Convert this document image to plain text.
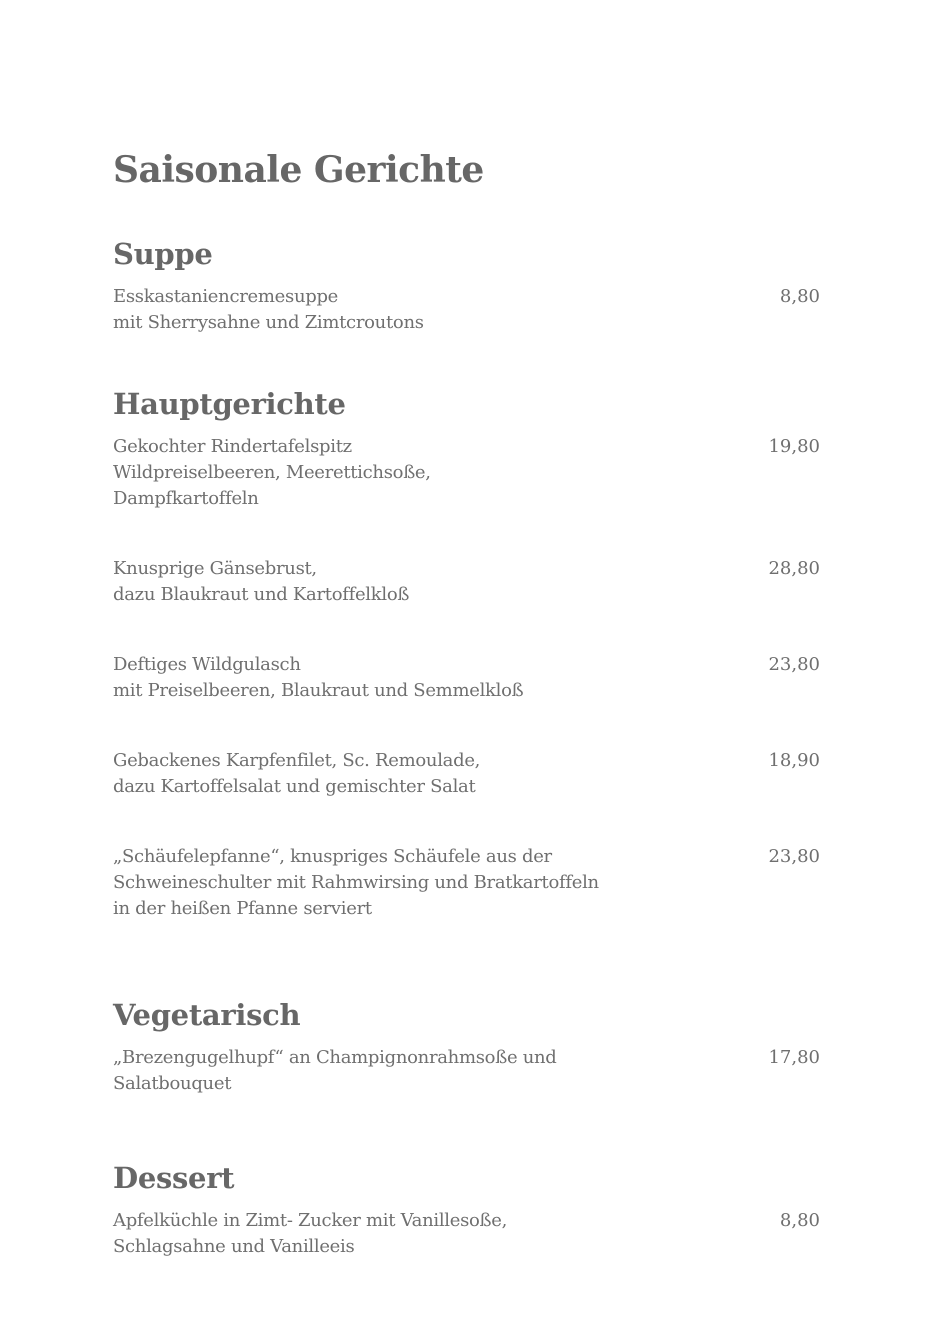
Saisonale Gerichte
Suppe
Esskastaniencremesuppe
mit Sherrysahne und Zimtcroutons
8,80
Hauptgerichte
Gekochter Rindertafelspitz
Wildpreiselbeeren, Meerettichsoße,
Dampfkartoffeln
19,80
Knusprige Gänsebrust,
dazu Blaukraut und Kartoffelkloß
28,80
Deftiges Wildgulasch
mit Preiselbeeren, Blaukraut und Semmelkloß
23,80
Gebackenes Karpfenfilet, Sc. Remoulade,
dazu Kartoffelsalat und gemischter Salat
18,90
„Schäufelepfanne“, knuspriges Schäufele aus der
Schweineschulter mit Rahmwirsing und Bratkartoffeln
in der heißen Pfanne serviert
23,80
Vegetarisch
„Brezengugelhupf“ an Champignonrahmsoße und
Salatbouquet
17,80
Dessert
Apfelküchle in Zimt- Zucker mit Vanillesoße,
Schlagsahne und Vanilleeis
8,80
